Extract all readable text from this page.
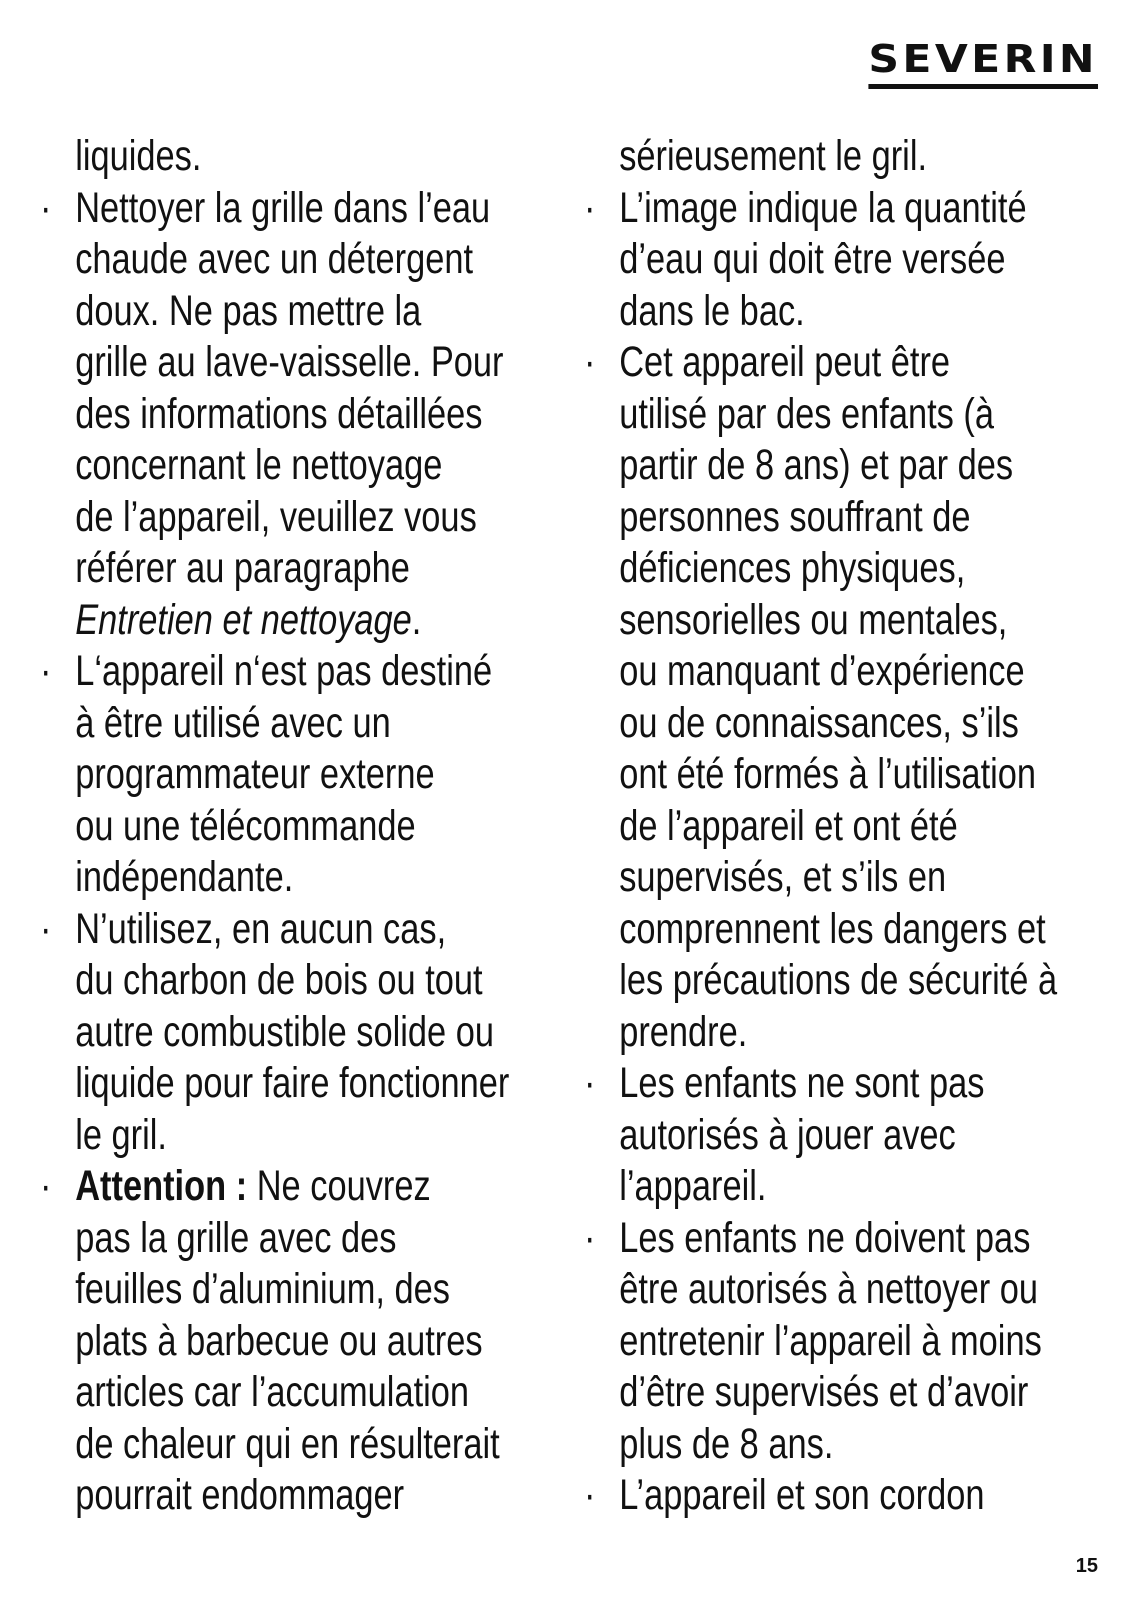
SEVERIN
liquides.
· Nettoyer la grille dans l’eau
chaude avec un détergent
doux. Ne pas mettre la
grille au lave-vaisselle. Pour
des informations détaillées
concernant le nettoyage
de l’appareil, veuillez vous
référer au paragraphe
Entretien et nettoyage.
· L‘appareil n‘est pas destiné
à être utilisé avec un
programmateur externe
ou une télécommande
indépendante.
· N’utilisez, en aucun cas,
du charbon de bois ou tout
autre combustible solide ou
liquide pour faire fonctionner
le gril.
· Attention : Ne couvrez
pas la grille avec des
feuilles d’aluminium, des
plats à barbecue ou autres
articles car l’accumulation
de chaleur qui en résulterait
pourrait endommager
sérieusement le gril.
· L’image indique la quantité
d’eau qui doit être versée
dans le bac.
· Cet appareil peut être
utilisé par des enfants (à
partir de 8 ans) et par des
personnes souffrant de
déficiences physiques,
sensorielles ou mentales,
ou manquant d’expérience
ou de connaissances, s’ils
ont été formés à l’utilisation
de l’appareil et ont été
supervisés, et s’ils en
comprennent les dangers et
les précautions de sécurité à
prendre.
· Les enfants ne sont pas
autorisés à jouer avec
l’appareil.
· Les enfants ne doivent pas
être autorisés à nettoyer ou
entretenir l’appareil à moins
d’être supervisés et d’avoir
plus de 8 ans.
· L’appareil et son cordon
15
